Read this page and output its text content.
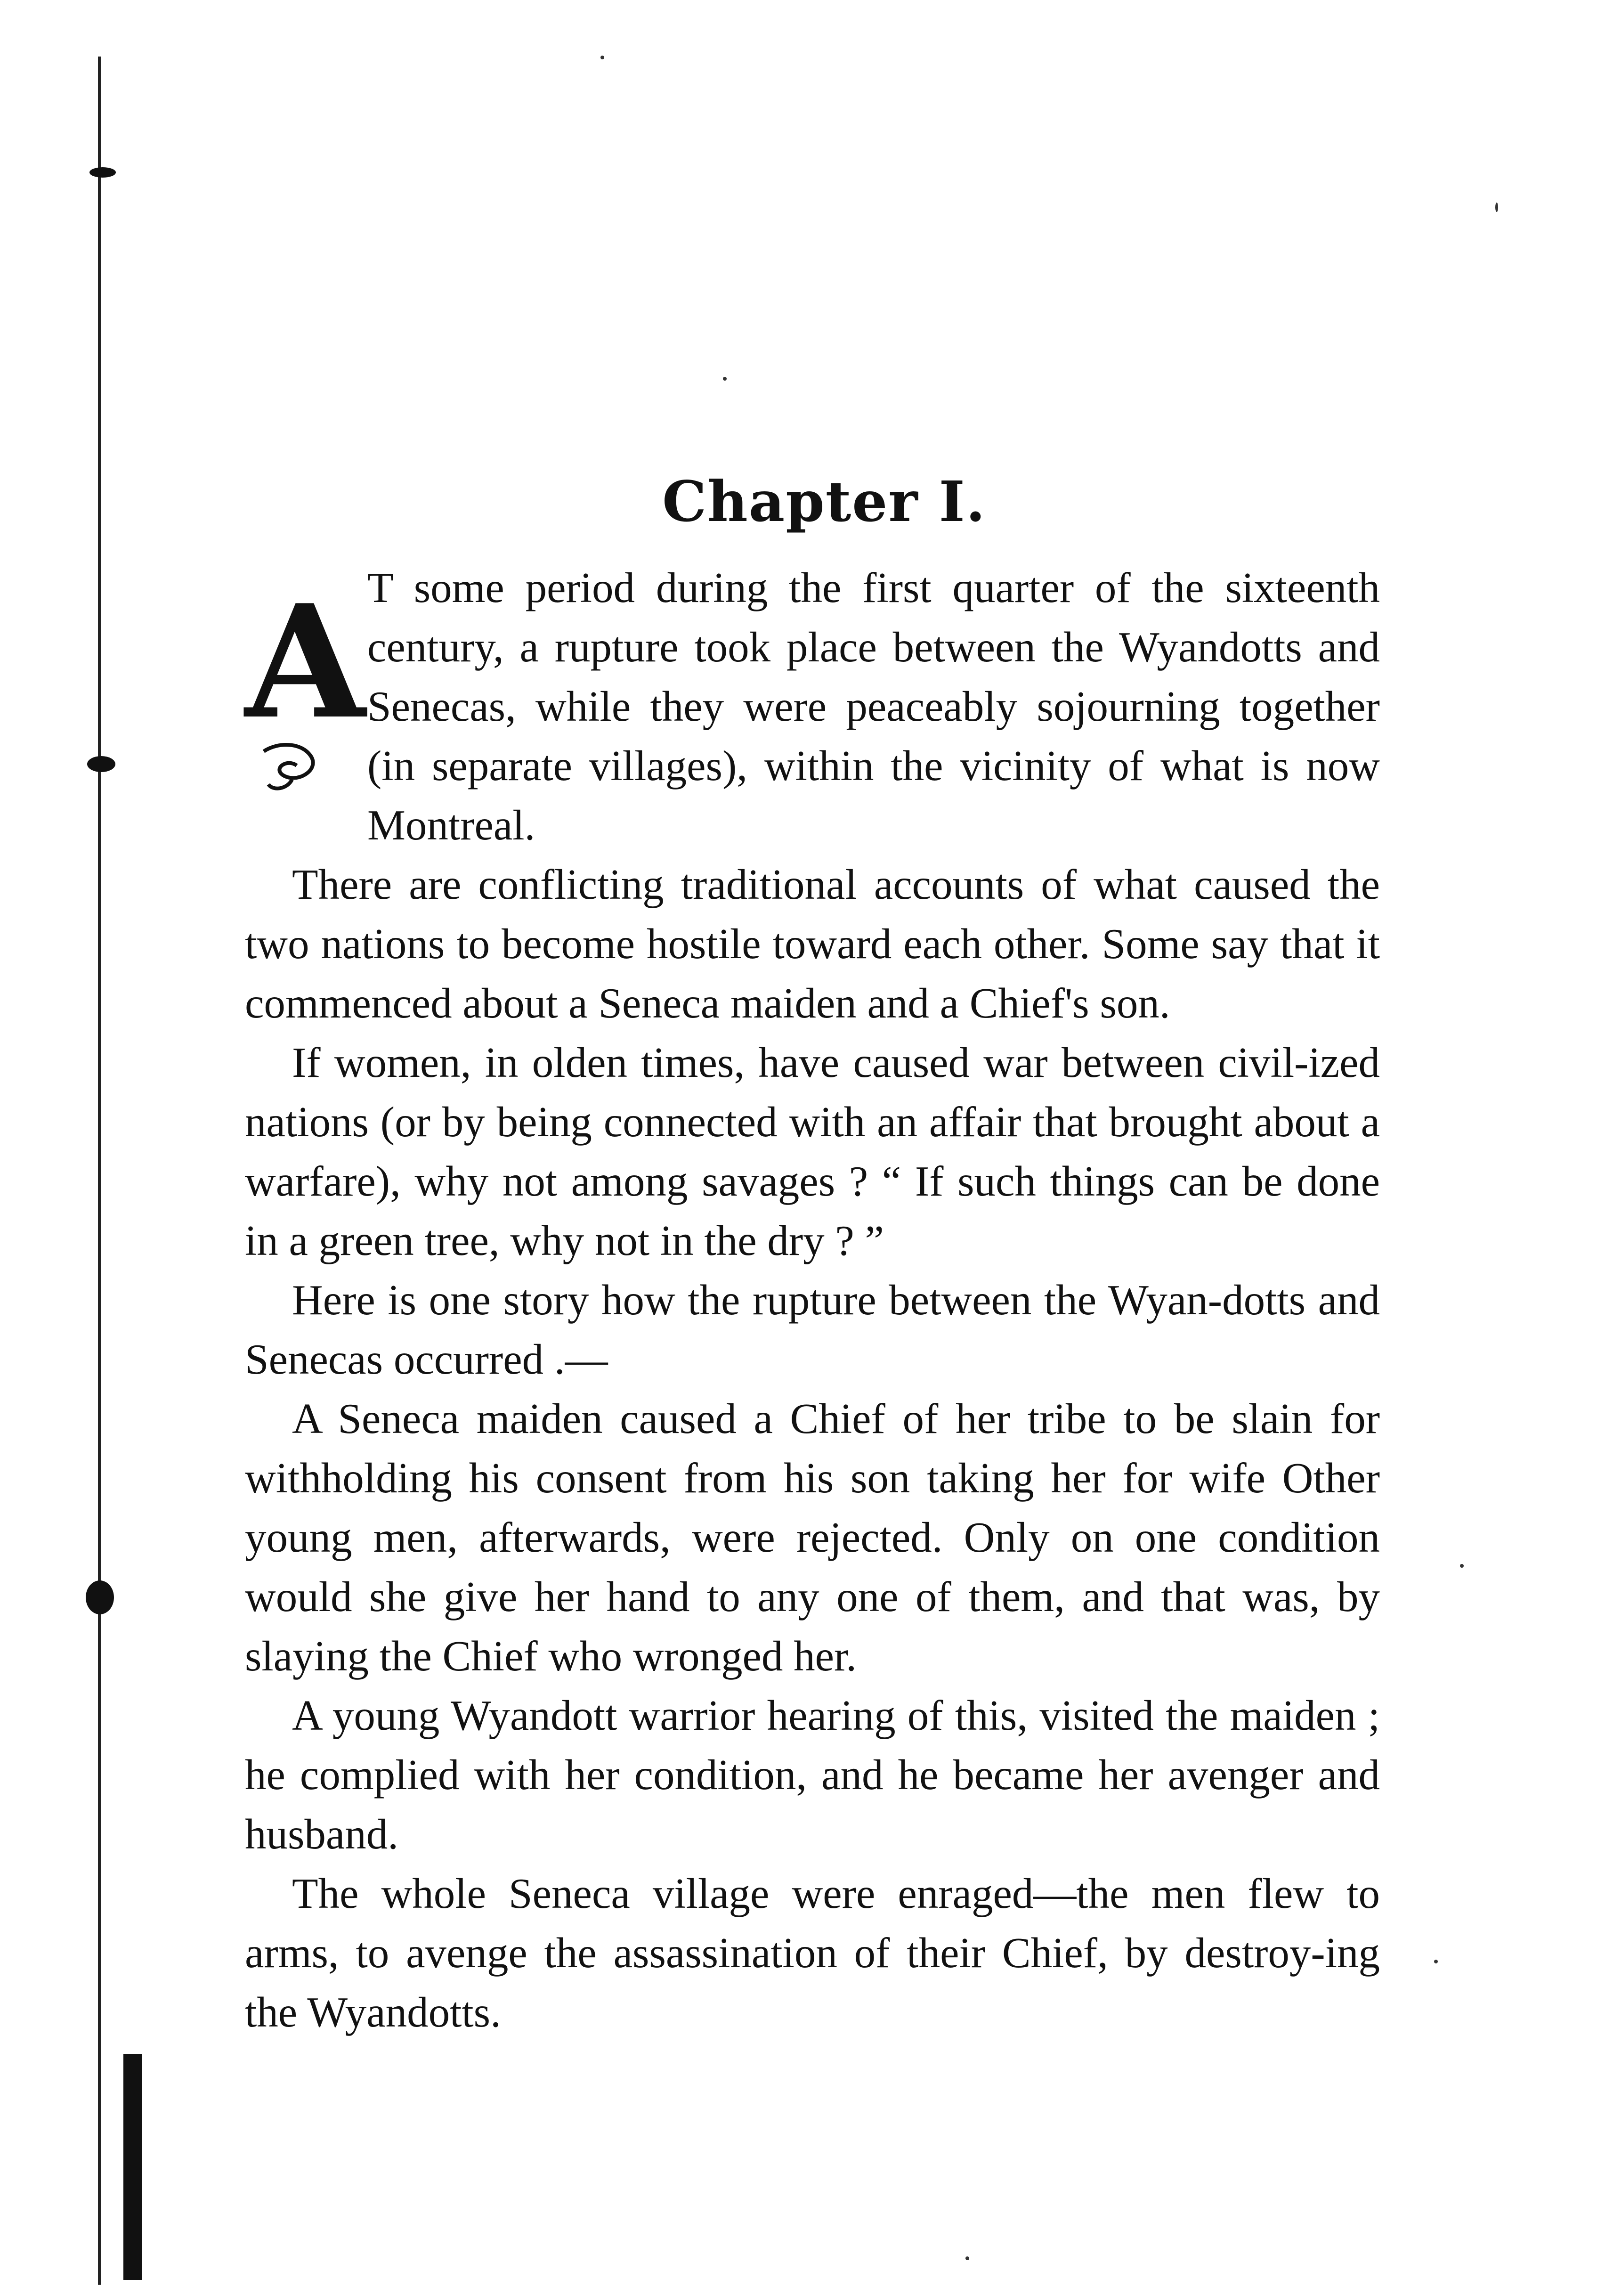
Chapter I.

A T some period during the first quarter of the sixteenth century, a rupture took place between the Wyandotts and Senecas, while they were peaceably sojourning together (in separate villages), within the vicinity of what is now Montreal.

There are conflicting traditional accounts of what caused the two nations to become hostile toward each other. Some say that it commenced about a Seneca maiden and a Chief's son.

If women, in olden times, have caused war between civil-ized nations (or by being connected with an affair that brought about a warfare), why not among savages ? “ If such things can be done in a green tree, why not in the dry ? ”

Here is one story how the rupture between the Wyan-dotts and Senecas occurred .—

A Seneca maiden caused a Chief of her tribe to be slain for withholding his consent from his son taking her for wife Other young men, afterwards, were rejected. Only on one condition would she give her hand to any one of them, and that was, by slaying the Chief who wronged her.

A young Wyandott warrior hearing of this, visited the maiden ; he complied with her condition, and he became her avenger and husband.

The whole Seneca village were enraged—the men flew to arms, to avenge the assassination of their Chief, by destroy-ing the Wyandotts.
